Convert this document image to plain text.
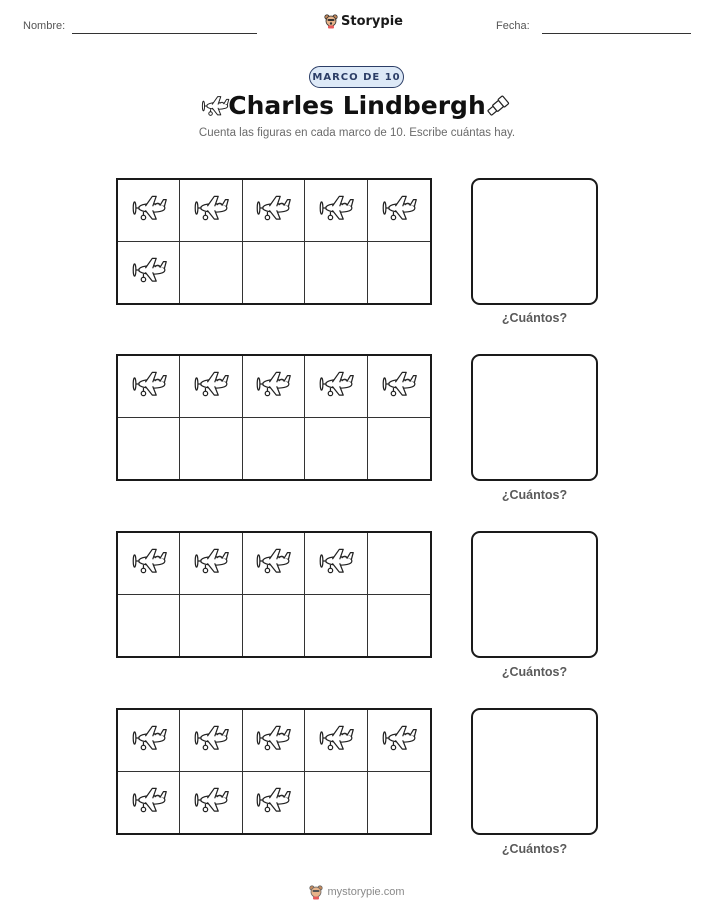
Nombre:	Storypie	Fecha:
MARCO DE 10
Charles Lindbergh
Cuenta las figuras en cada marco de 10. Escribe cuántas hay.
¿Cuántos?
¿Cuántos?
¿Cuántos?
¿Cuántos?
mystorypie.com
